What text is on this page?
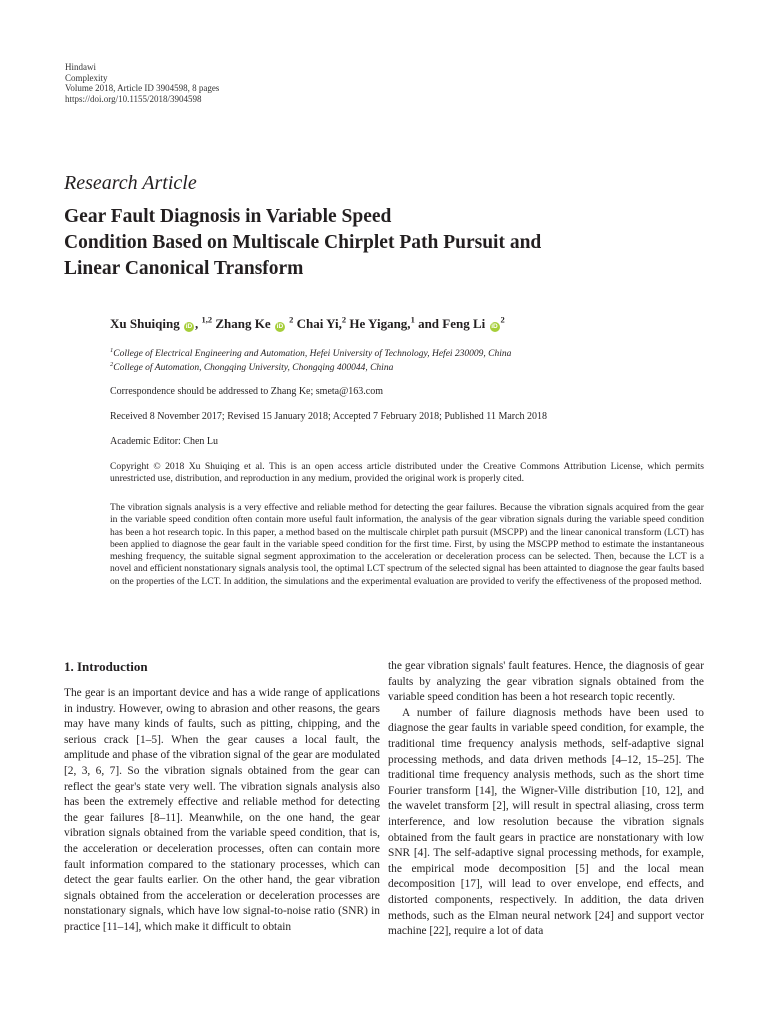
Hindawi
Complexity
Volume 2018, Article ID 3904598, 8 pages
https://doi.org/10.1155/2018/3904598
Research Article
Gear Fault Diagnosis in Variable Speed
Condition Based on Multiscale Chirplet Path Pursuit and
Linear Canonical Transform
Xu Shuiqing iD , $^{1,2}$ Zhang Ke iD $^2$ Chai Yi,$^2$ He Yigang,$^1$ and Feng Li $iD^2$
$^1$College of Electrical Engineering and Automation, Hefei University of Technology, Hefei 230009, China
$^2$College of Automation, Chongqing University, Chongqing 400044, China
Correspondence should be addressed to Zhang Ke; smeta@163.com
Received 8 November 2017; Revised 15 January 2018; Accepted 7 February 2018; Published 11 March 2018
Academic Editor: Chen Lu
Copyright © 2018 Xu Shuiqing et al. This is an open access article distributed under the Creative Commons Attribution License, which permits unrestricted use, distribution, and reproduction in any medium, provided the original work is properly cited.
The vibration signals analysis is a very effective and reliable method for detecting the gear failures. Because the vibration signals acquired from the gear in the variable speed condition often contain more useful fault information, the analysis of the gear vibration signals during the variable speed condition has been a hot research topic. In this paper, a method based on the multiscale chirplet path pursuit (MSCPP) and the linear canonical transform (LCT) has been applied to diagnose the gear fault in the variable speed condition for the first time. First, by using the MSCPP method to estimate the instantaneous meshing frequency, the suitable signal segment approximation to the acceleration or deceleration process can be selected. Then, because the LCT is a novel and efficient nonstationary signals analysis tool, the optimal LCT spectrum of the selected signal has been attainted to diagnose the gear faults based on the properties of the LCT. In addition, the simulations and the experimental evaluation are provided to verify the effectiveness of the proposed method.
1. Introduction

The gear is an important device and has a wide range of applications in industry. However, owing to abrasion and other reasons, the gears may have many kinds of faults, such as pitting, chipping, and the serious crack [1–5]. When the gear causes a local fault, the amplitude and phase of the vibration signal of the gear are modulated [2, 3, 6, 7]. So the vibration signals obtained from the gear can reflect the gear's state very well. The vibration signals analysis also has been the extremely effective and reliable method for detecting the gear failures [8–11]. Meanwhile, on the one hand, the gear vibration signals obtained from the variable speed condition, that is, the acceleration or deceleration processes, often can contain more fault information compared to the stationary processes, which can detect the gear faults earlier. On the other hand, the gear vibration signals obtained from the acceleration or deceleration processes are nonstationary signals, which have low signal-to-noise ratio (SNR) in practice [11–14], which make it difficult to obtain

the gear vibration signals' fault features. Hence, the diagnosis of gear faults by analyzing the gear vibration signals obtained from the variable speed condition has been a hot research topic recently.

A number of failure diagnosis methods have been used to diagnose the gear faults in variable speed condition, for example, the traditional time frequency analysis methods, self-adaptive signal processing methods, and data driven methods [4–12, 15–25]. The traditional time frequency analysis methods, such as the short time Fourier transform [14], the Wigner-Ville distribution [10, 12], and the wavelet transform [2], will result in spectral aliasing, cross term interference, and low resolution because the vibration signals obtained from the fault gears in practice are nonstationary with low SNR [4]. The self-adaptive signal processing methods, for example, the empirical mode decomposition [5] and the local mean decomposition [17], will lead to over envelope, end effects, and distorted components, respectively. In addition, the data driven methods, such as the Elman neural network [24] and support vector machine [22], require a lot of data
